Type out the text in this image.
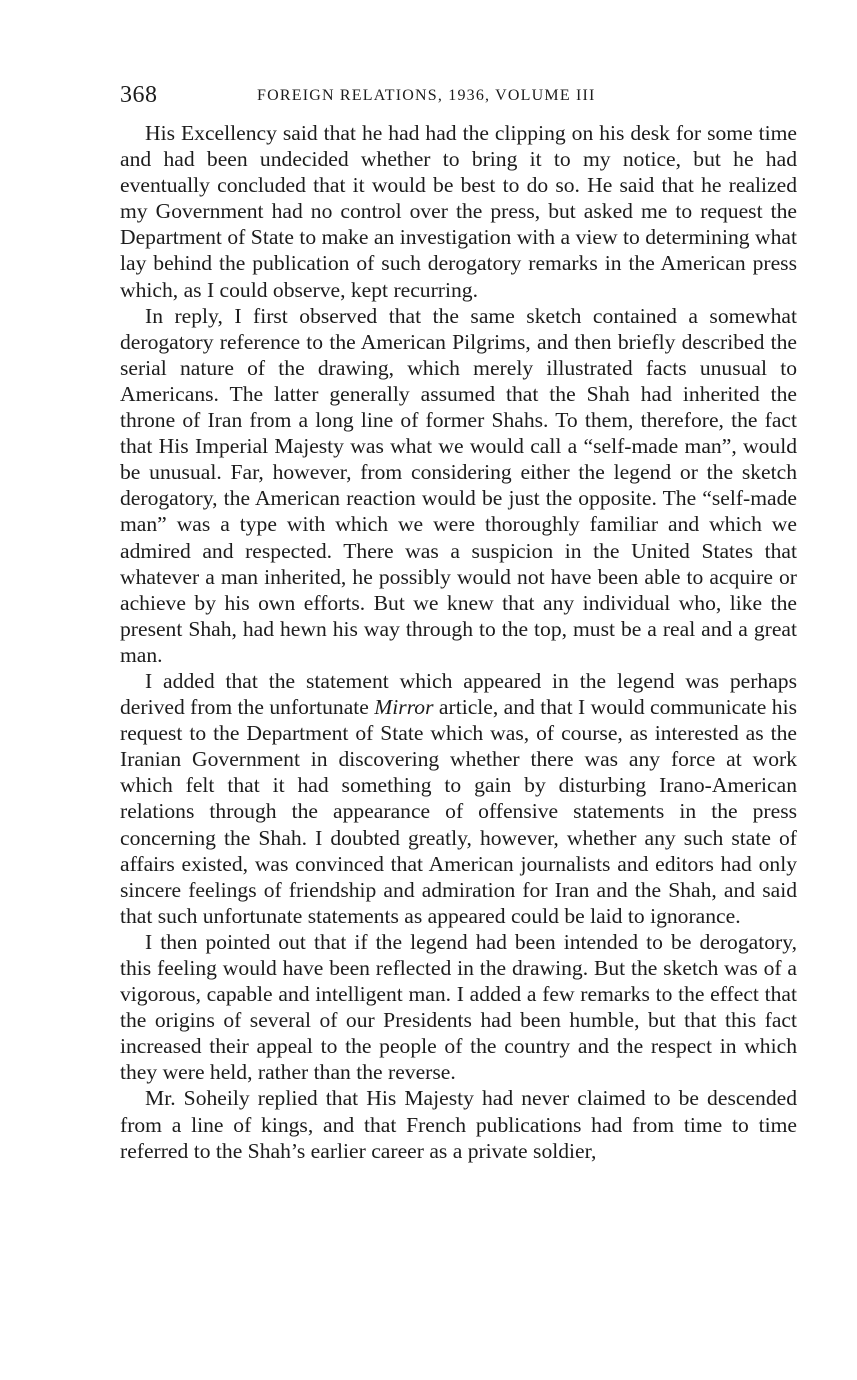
368	FOREIGN RELATIONS, 1936, VOLUME III

His Excellency said that he had had the clipping on his desk for some time and had been undecided whether to bring it to my notice, but he had eventually concluded that it would be best to do so. He said that he realized my Government had no control over the press, but asked me to request the Department of State to make an investigation with a view to determining what lay behind the publication of such derogatory remarks in the American press which, as I could observe, kept recurring.

In reply, I first observed that the same sketch contained a somewhat derogatory reference to the American Pilgrims, and then briefly described the serial nature of the drawing, which merely illustrated facts unusual to Americans. The latter generally assumed that the Shah had inherited the throne of Iran from a long line of former Shahs. To them, therefore, the fact that His Imperial Majesty was what we would call a “self-made man”, would be unusual. Far, however, from considering either the legend or the sketch derogatory, the American reaction would be just the opposite. The “self-made man” was a type with which we were thoroughly familiar and which we admired and respected. There was a suspicion in the United States that whatever a man inherited, he possibly would not have been able to acquire or achieve by his own efforts. But we knew that any individual who, like the present Shah, had hewn his way through to the top, must be a real and a great man.

I added that the statement which appeared in the legend was perhaps derived from the unfortunate Mirror article, and that I would communicate his request to the Department of State which was, of course, as interested as the Iranian Government in discovering whether there was any force at work which felt that it had something to gain by disturbing Irano-American relations through the appearance of offensive statements in the press concerning the Shah. I doubted greatly, however, whether any such state of affairs existed, was convinced that American journalists and editors had only sincere feelings of friendship and admiration for Iran and the Shah, and said that such unfortunate statements as appeared could be laid to ignorance.

I then pointed out that if the legend had been intended to be derogatory, this feeling would have been reflected in the drawing. But the sketch was of a vigorous, capable and intelligent man. I added a few remarks to the effect that the origins of several of our Presidents had been humble, but that this fact increased their appeal to the people of the country and the respect in which they were held, rather than the reverse.

Mr. Soheily replied that His Majesty had never claimed to be descended from a line of kings, and that French publications had from time to time referred to the Shah’s earlier career as a private soldier,
